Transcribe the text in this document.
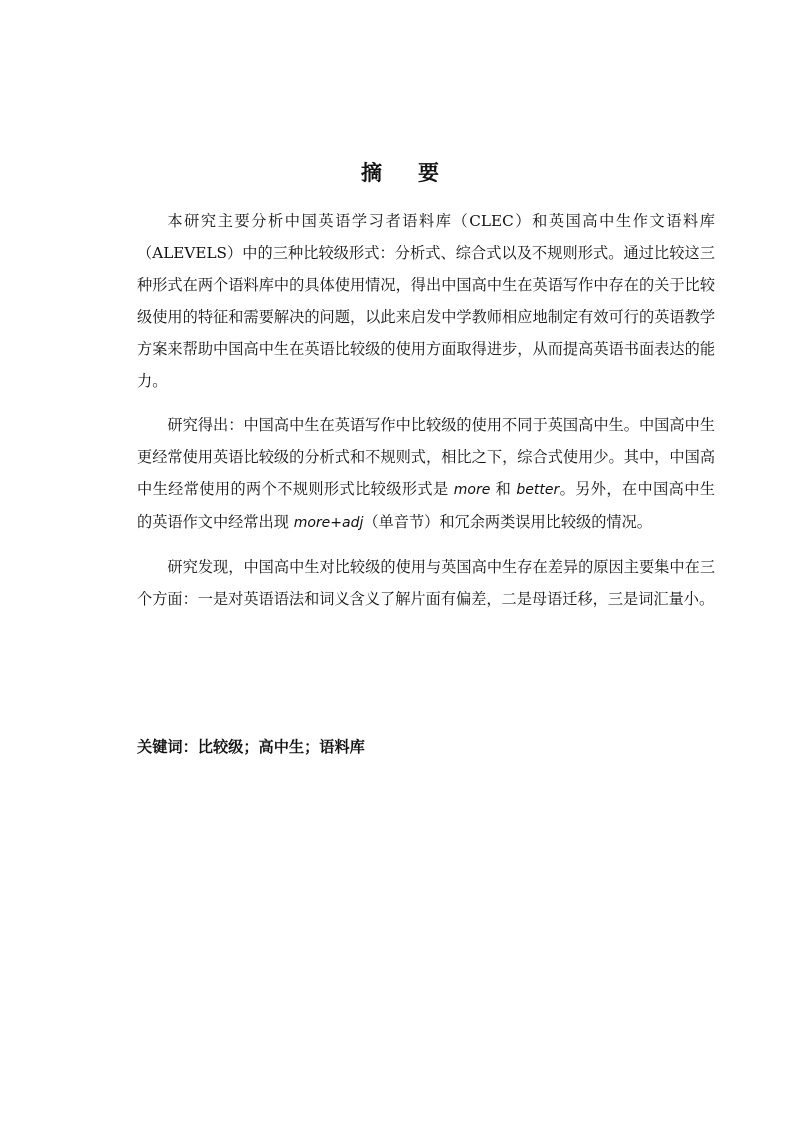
摘 要

本研究主要分析中国英语学习者语料库（CLEC）和英国高中生作文语料库（ALEVELS）中的三种比较级形式：分析式、综合式以及不规则形式。通过比较这三种形式在两个语料库中的具体使用情况，得出中国高中生在英语写作中存在的关于比较级使用的特征和需要解决的问题，以此来启发中学教师相应地制定有效可行的英语教学方案来帮助中国高中生在英语比较级的使用方面取得进步，从而提高英语书面表达的能力。

研究得出：中国高中生在英语写作中比较级的使用不同于英国高中生。中国高中生更经常使用英语比较级的分析式和不规则式，相比之下，综合式使用少。其中，中国高中生经常使用的两个不规则形式比较级形式是 more 和 better。另外，在中国高中生的英语作文中经常出现 more+adj（单音节）和冗余两类误用比较级的情况。

研究发现，中国高中生对比较级的使用与英国高中生存在差异的原因主要集中在三个方面：一是对英语语法和词义含义了解片面有偏差，二是母语迁移，三是词汇量小。

关键词：比较级；高中生；语料库
